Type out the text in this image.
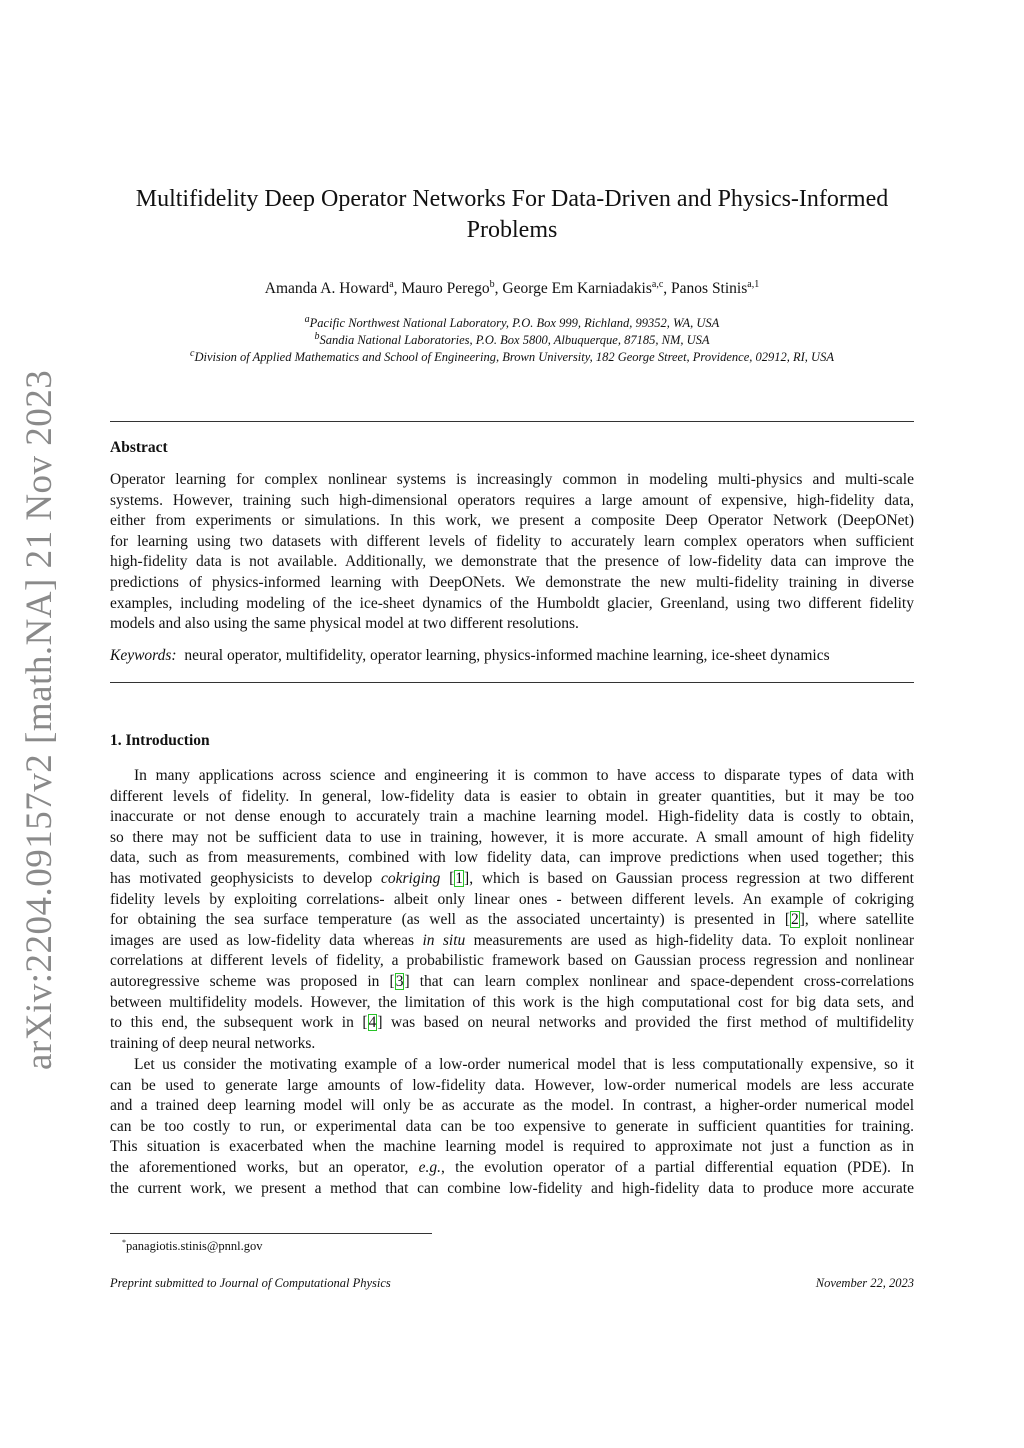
arXiv:2204.09157v2 [math.NA] 21 Nov 2023
Multifidelity Deep Operator Networks For Data-Driven and Physics-Informed
Problems
Amanda A. Howard$^a$, Mauro Perego$^b$, George Em Karniadakis$^{a,c}$, Panos Stinis$^{a,1}$
$^a$Pacific Northwest National Laboratory, P.O. Box 999, Richland, 99352, WA, USA
$^b$Sandia National Laboratories, P.O. Box 5800, Albuquerque, 87185, NM, USA
$^c$Division of Applied Mathematics and School of Engineering, Brown University, 182 George Street, Providence, 02912, RI, USA
Abstract
Operator learning for complex nonlinear systems is increasingly common in modeling multi-physics and multi-scale
systems. However, training such high-dimensional operators requires a large amount of expensive, high-fidelity data,
either from experiments or simulations. In this work, we present a composite Deep Operator Network (DeepONet)
for learning using two datasets with different levels of fidelity to accurately learn complex operators when sufficient
high-fidelity data is not available. Additionally, we demonstrate that the presence of low-fidelity data can improve the
predictions of physics-informed learning with DeepONets. We demonstrate the new multi-fidelity training in diverse
examples, including modeling of the ice-sheet dynamics of the Humboldt glacier, Greenland, using two different fidelity
models and also using the same physical model at two different resolutions.
Keywords: neural operator, multifidelity, operator learning, physics-informed machine learning, ice-sheet dynamics
1. Introduction
In many applications across science and engineering it is common to have access to disparate types of data with
different levels of fidelity. In general, low-fidelity data is easier to obtain in greater quantities, but it may be too
inaccurate or not dense enough to accurately train a machine learning model. High-fidelity data is costly to obtain,
so there may not be sufficient data to use in training, however, it is more accurate. A small amount of high fidelity
data, such as from measurements, combined with low fidelity data, can improve predictions when used together; this
has motivated geophysicists to develop cokriging [1], which is based on Gaussian process regression at two different
fidelity levels by exploiting correlations- albeit only linear ones - between different levels. An example of cokriging
for obtaining the sea surface temperature (as well as the associated uncertainty) is presented in [2], where satellite
images are used as low-fidelity data whereas in situ measurements are used as high-fidelity data. To exploit nonlinear
correlations at different levels of fidelity, a probabilistic framework based on Gaussian process regression and nonlinear
autoregressive scheme was proposed in [3] that can learn complex nonlinear and space-dependent cross-correlations
between multifidelity models. However, the limitation of this work is the high computational cost for big data sets, and
to this end, the subsequent work in [4] was based on neural networks and provided the first method of multifidelity
training of deep neural networks.
Let us consider the motivating example of a low-order numerical model that is less computationally expensive, so it
can be used to generate large amounts of low-fidelity data. However, low-order numerical models are less accurate
and a trained deep learning model will only be as accurate as the model. In contrast, a higher-order numerical model
can be too costly to run, or experimental data can be too expensive to generate in sufficient quantities for training.
This situation is exacerbated when the machine learning model is required to approximate not just a function as in
the aforementioned works, but an operator, e.g., the evolution operator of a partial differential equation (PDE). In
the current work, we present a method that can combine low-fidelity and high-fidelity data to produce more accurate
*panagiotis.stinis@pnnl.gov
Preprint submitted to Journal of Computational Physics	November 22, 2023
